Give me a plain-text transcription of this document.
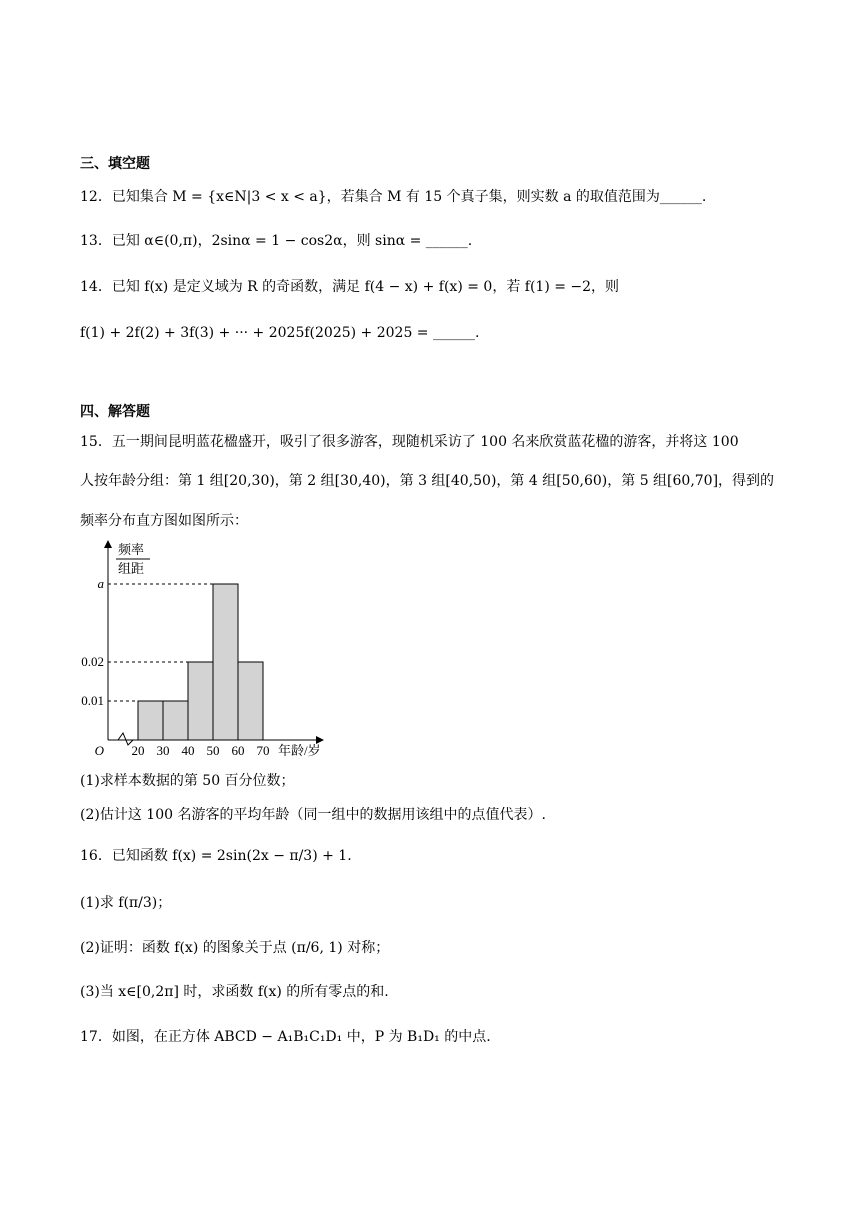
三、填空题
12．已知集合 M = {x∈N|3 < x < a}，若集合 M 有 15 个真子集，则实数 a 的取值范围为______.
13．已知 α∈(0,π)，2sinα = 1 − cos2α，则 sinα = ______.
14．已知 f(x) 是定义域为 R 的奇函数，满足 f(4 − x) + f(x) = 0，若 f(1) = −2，则
f(1) + 2f(2) + 3f(3) + ··· + 2025f(2025) + 2025 = ______.
四、解答题
15．五一期间昆明蓝花楹盛开，吸引了很多游客，现随机采访了 100 名来欣赏蓝花楹的游客，并将这 100
人按年龄分组：第 1 组[20,30)，第 2 组[30,40)，第 3 组[40,50)，第 4 组[50,60)，第 5 组[60,70]，得到的
频率分布直方图如图所示：
0.01
0.02
a
20 30 40 50 60 70
O	年龄/岁
频率
组距
(1)求样本数据的第 50 百分位数；
(2)估计这 100 名游客的平均年龄（同一组中的数据用该组中的点值代表）.
16．已知函数 f(x) = 2sin(2x − π/3) + 1.
(1)求 f(π/3)；
(2)证明：函数 f(x) 的图象关于点 (π/6, 1) 对称；
(3)当 x∈[0,2π] 时，求函数 f(x) 的所有零点的和.
17．如图，在正方体 ABCD − A₁B₁C₁D₁ 中，P 为 B₁D₁ 的中点.
